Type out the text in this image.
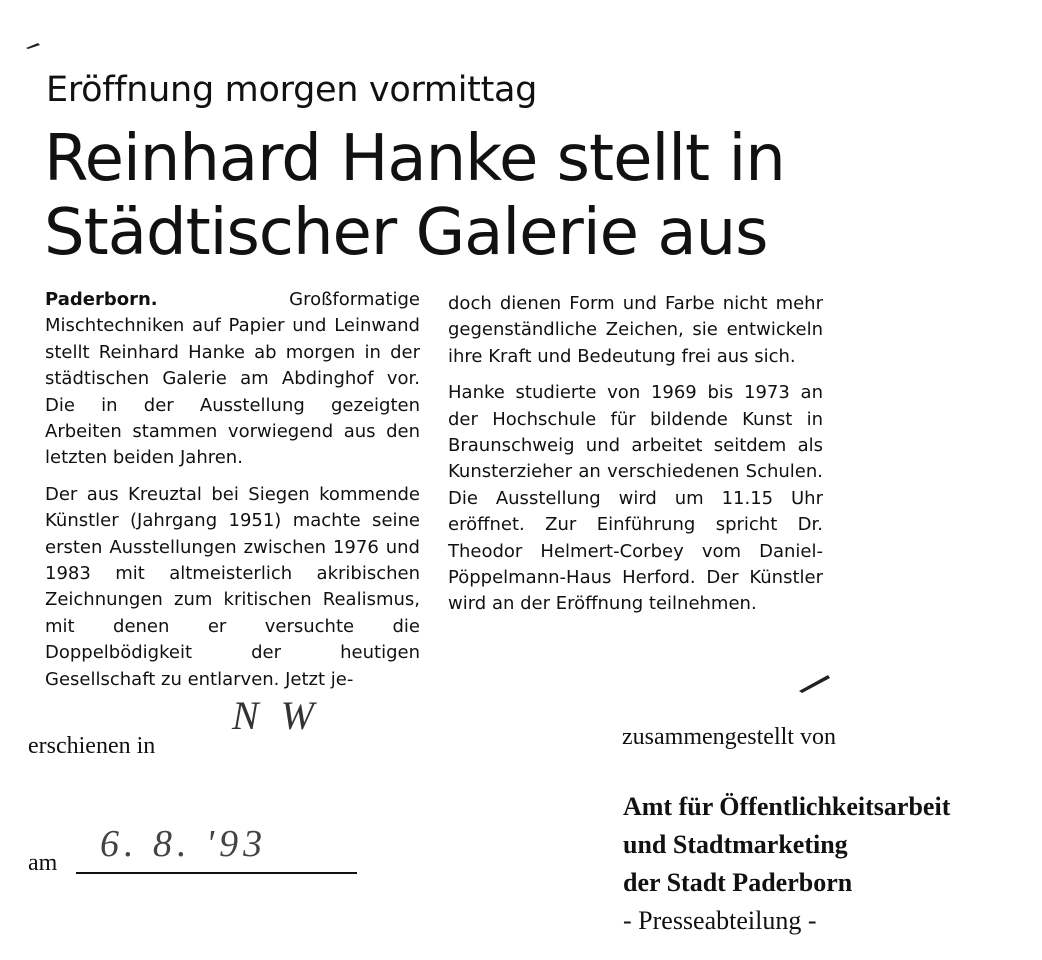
Eröffnung morgen vormittag
Reinhard Hanke stellt in
Städtischer Galerie aus

Paderborn.	Großformatige Mischtechniken auf Papier und Leinwand stellt Reinhard Hanke ab morgen in der städtischen Galerie am Abdinghof vor. Die in der Ausstellung gezeigten Arbeiten stammen vorwiegend aus den letzten beiden Jahren.

Der aus Kreuztal bei Siegen kommende Künstler (Jahrgang 1951) machte seine ersten Ausstellungen zwischen 1976 und 1983 mit altmeisterlich akribischen Zeichnungen zum kritischen Realismus, mit denen er versuchte die Doppelbödigkeit der heutigen Gesellschaft zu entlarven. Jetzt je-

doch dienen Form und Farbe nicht mehr gegenständliche Zeichen, sie entwickeln ihre Kraft und Bedeutung frei aus sich.

Hanke studierte von 1969 bis 1973 an der Hochschule für bildende Kunst in Braunschweig und arbeitet seitdem als Kunsterzieher an verschiedenen Schulen. Die Ausstellung wird um 11.15 Uhr eröffnet. Zur Einführung spricht Dr. Theodor Helmert-Corbey vom Daniel-Pöppelmann-Haus Herford. Der Künstler wird an der Eröffnung teilnehmen.

erschienen in
N W
am 6. 8. '93
zusammengestellt von
Amt für Öffentlichkeitsarbeit
und Stadtmarketing
der Stadt Paderborn
- Presseabteilung -
